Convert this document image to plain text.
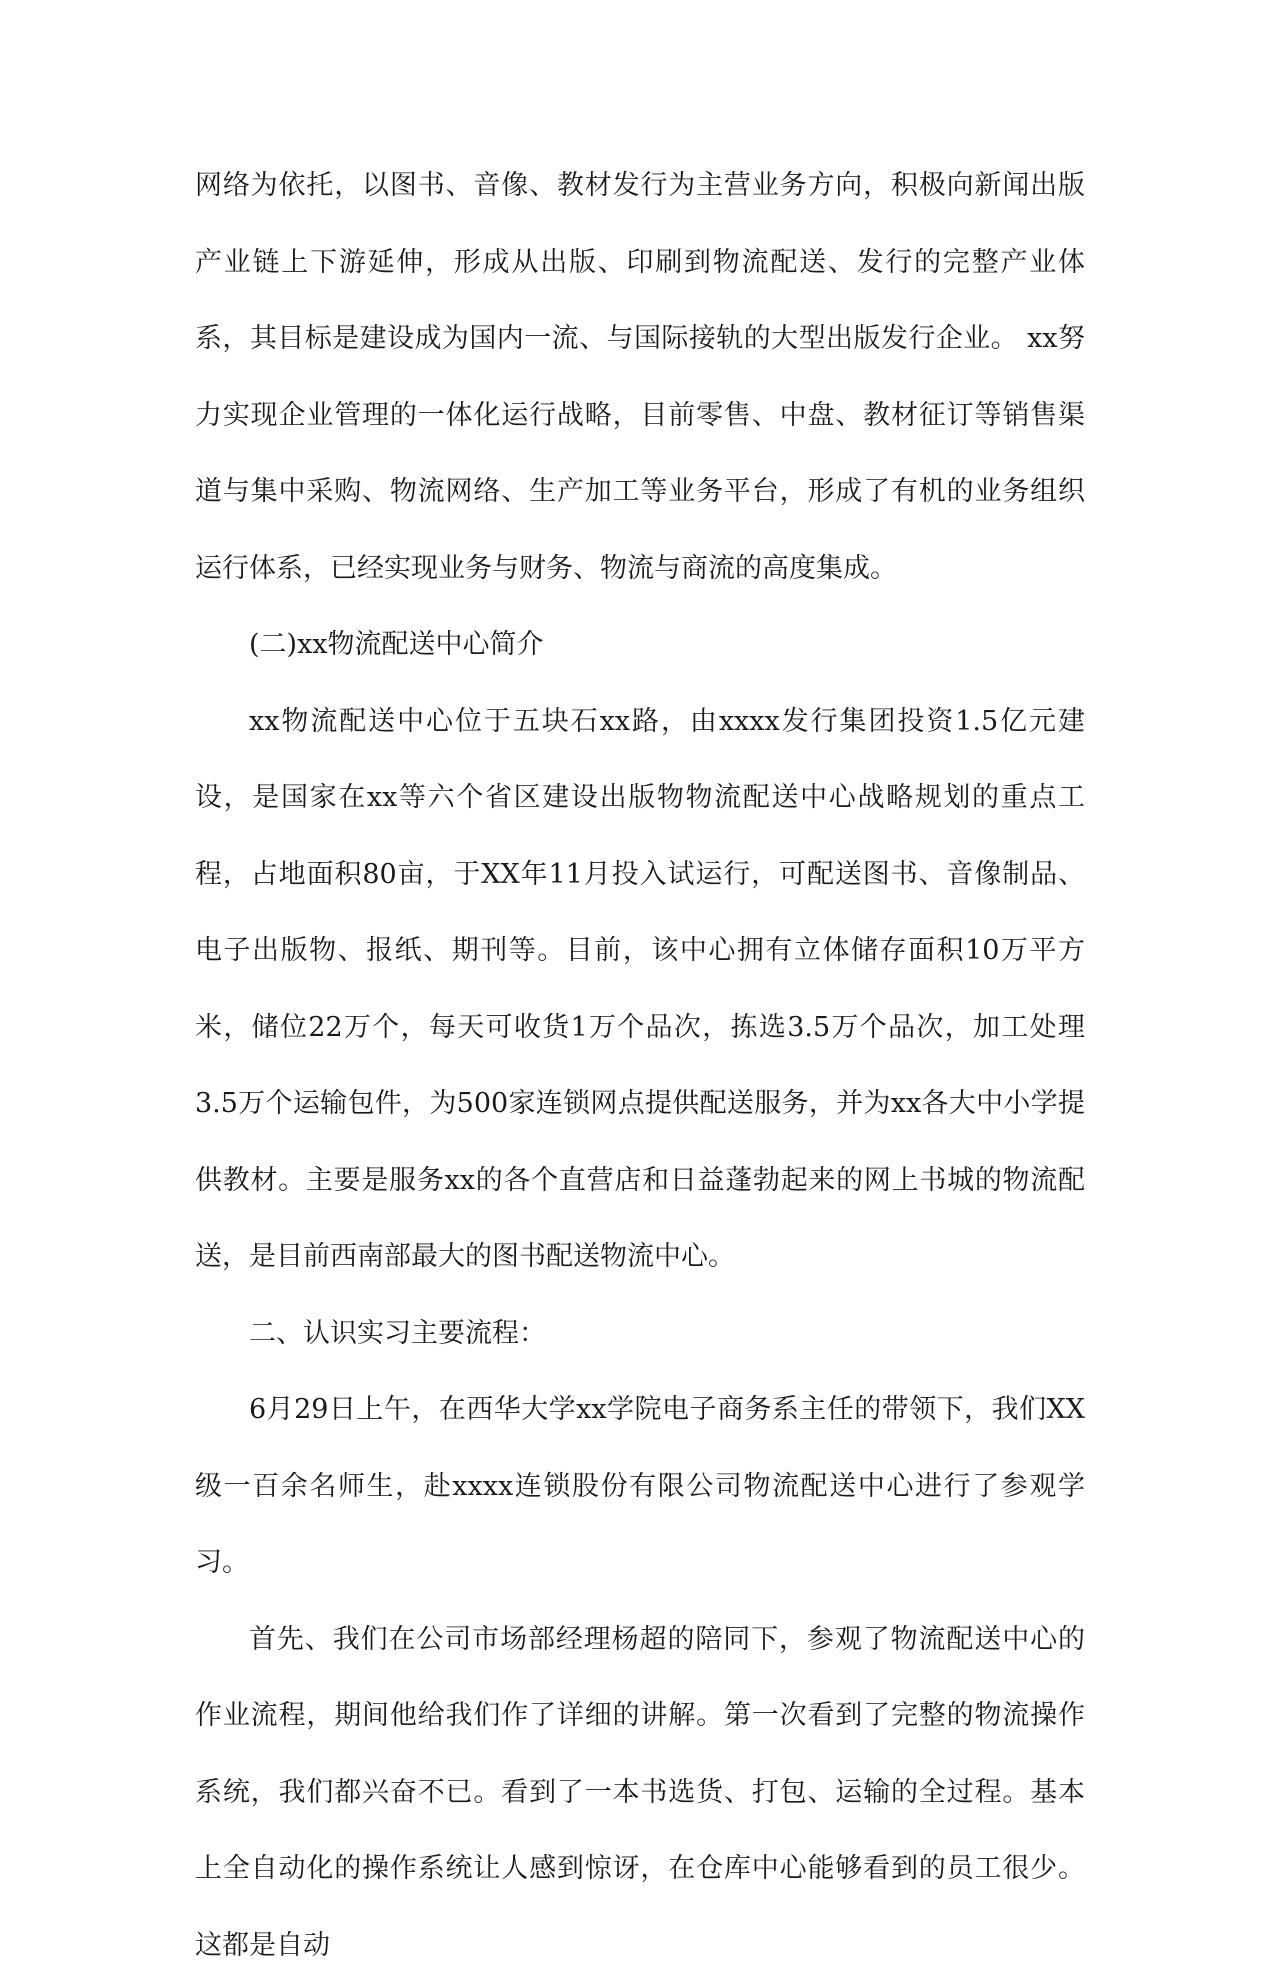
网络为依托，以图书、音像、教材发行为主营业务方向，积极向新闻出版产业链上下游延伸，形成从出版、印刷到物流配送、发行的完整产业体系，其目标是建设成为国内一流、与国际接轨的大型出版发行企业。 xx努力实现企业管理的一体化运行战略，目前零售、中盘、教材征订等销售渠道与集中采购、物流网络、生产加工等业务平台，形成了有机的业务组织运行体系，已经实现业务与财务、物流与商流的高度集成。

(二)xx物流配送中心简介

xx物流配送中心位于五块石xx路，由xxxx发行集团投资1.5亿元建设，是国家在xx等六个省区建设出版物物流配送中心战略规划的重点工程，占地面积80亩，于XX年11月投入试运行，可配送图书、音像制品、电子出版物、报纸、期刊等。目前，该中心拥有立体储存面积10万平方米，储位22万个，每天可收货1万个品次，拣选3.5万个品次，加工处理3.5万个运输包件，为500家连锁网点提供配送服务，并为xx各大中小学提供教材。主要是服务xx的各个直营店和日益蓬勃起来的网上书城的物流配送，是目前西南部最大的图书配送物流中心。

二、认识实习主要流程：

6月29日上午，在西华大学xx学院电子商务系主任的带领下，我们XX级一百余名师生，赴xxxx连锁股份有限公司物流配送中心进行了参观学习。

首先、我们在公司市场部经理杨超的陪同下，参观了物流配送中心的作业流程，期间他给我们作了详细的讲解。第一次看到了完整的物流操作系统，我们都兴奋不已。看到了一本书选货、打包、运输的全过程。基本上全自动化的操作系统让人感到惊讶，在仓库中心能够看到的员工很少。这都是自动
